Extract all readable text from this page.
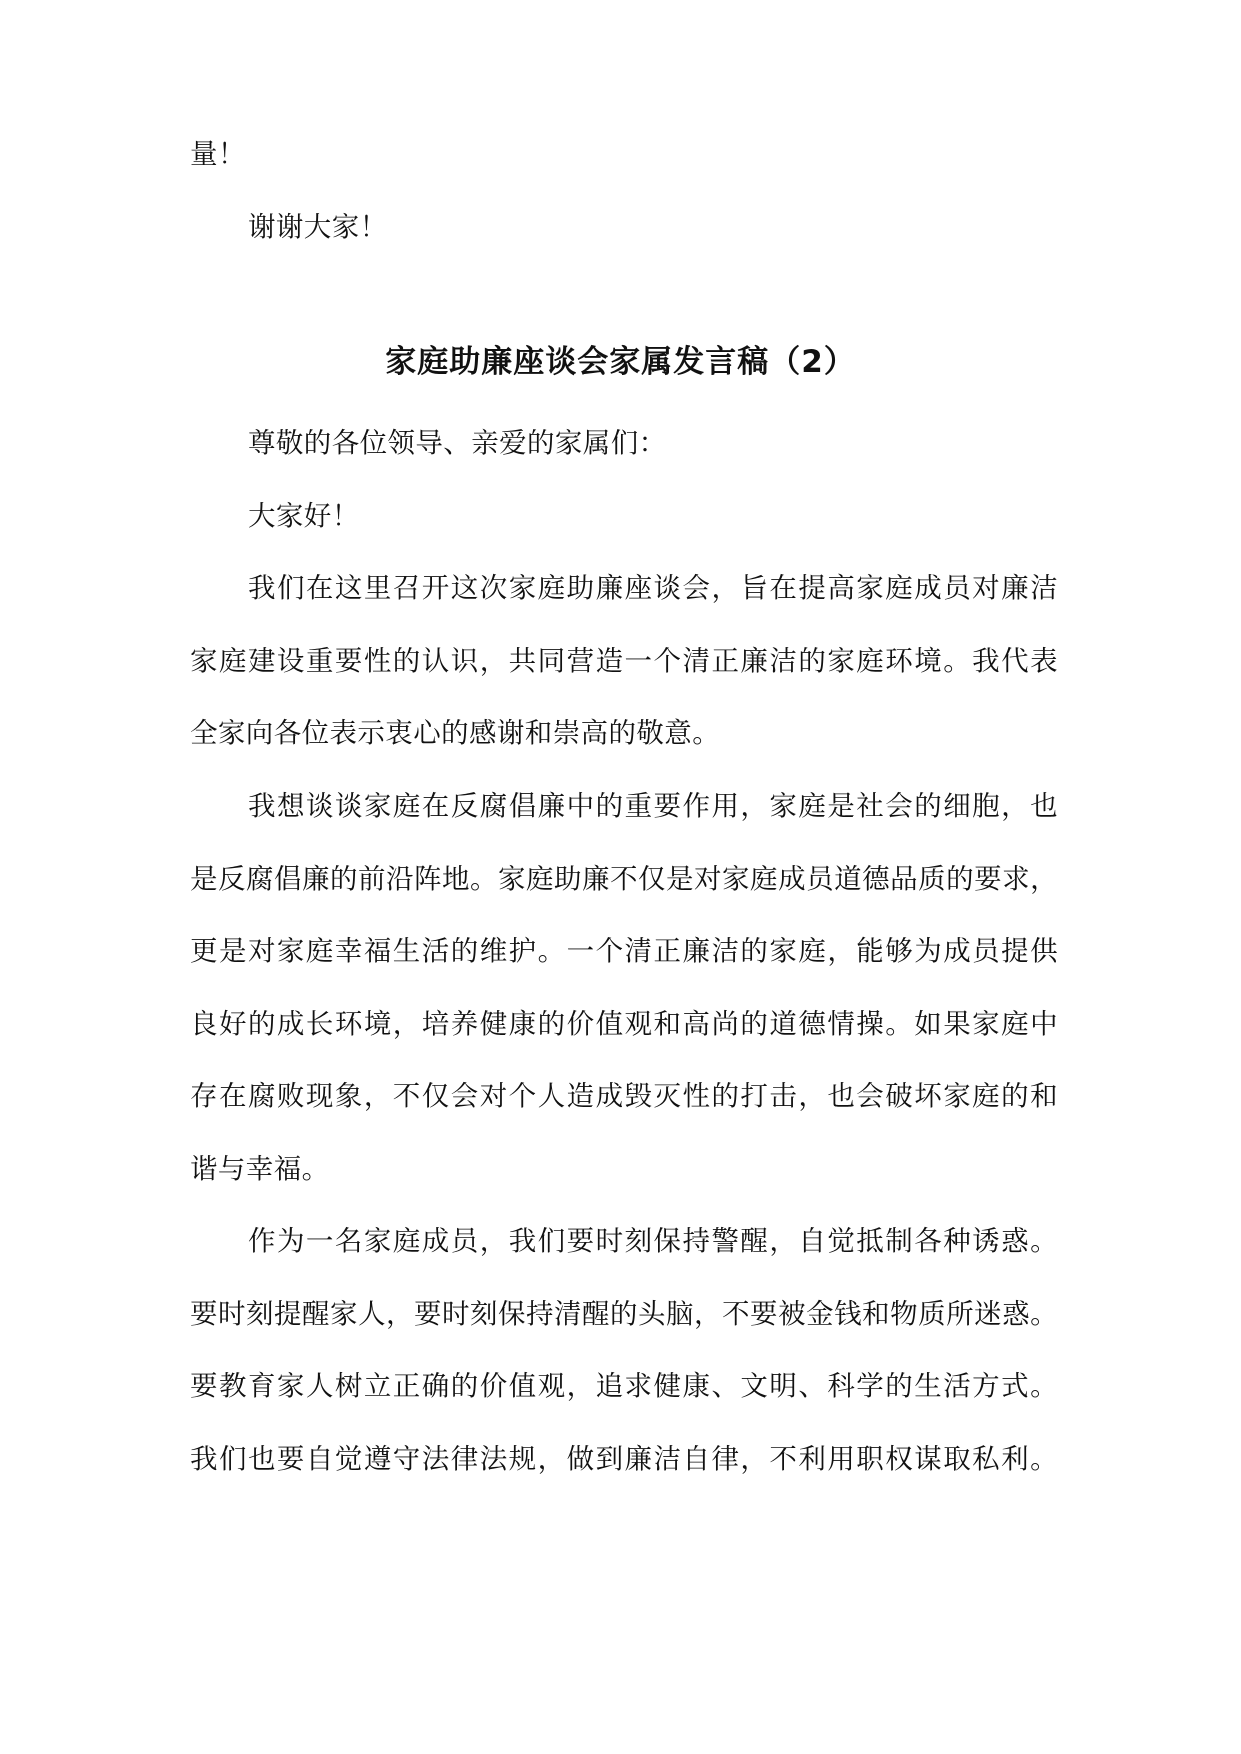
量！
谢谢大家！

家庭助廉座谈会家属发言稿（2）

尊敬的各位领导、亲爱的家属们：
大家好！

我们在这里召开这次家庭助廉座谈会，旨在提高家庭成员对廉洁
家庭建设重要性的认识，共同营造一个清正廉洁的家庭环境。我代表
全家向各位表示衷心的感谢和崇高的敬意。

我想谈谈家庭在反腐倡廉中的重要作用，家庭是社会的细胞，也
是反腐倡廉的前沿阵地。家庭助廉不仅是对家庭成员道德品质的要求，
更是对家庭幸福生活的维护。一个清正廉洁的家庭，能够为成员提供
良好的成长环境，培养健康的价值观和高尚的道德情操。如果家庭中
存在腐败现象，不仅会对个人造成毁灭性的打击，也会破坏家庭的和
谐与幸福。

作为一名家庭成员，我们要时刻保持警醒，自觉抵制各种诱惑。
要时刻提醒家人，要时刻保持清醒的头脑，不要被金钱和物质所迷惑。
要教育家人树立正确的价值观，追求健康、文明、科学的生活方式。
我们也要自觉遵守法律法规，做到廉洁自律，不利用职权谋取私利。
